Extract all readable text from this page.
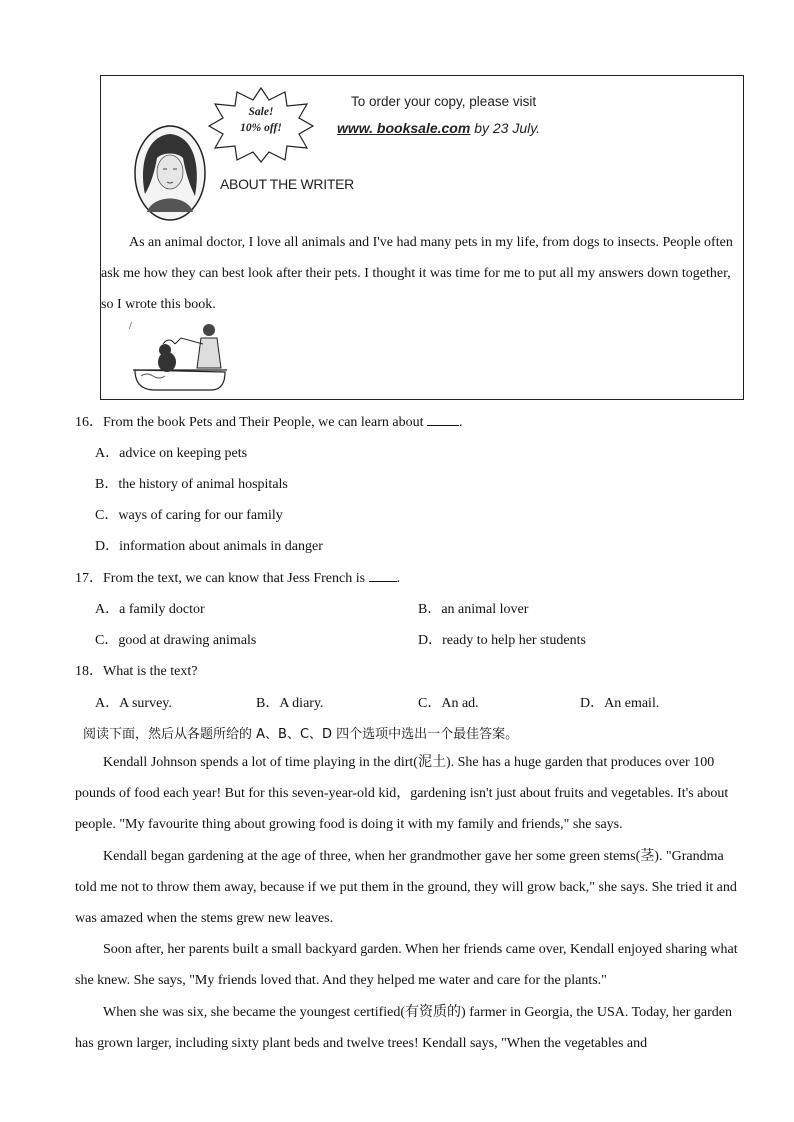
Sale!
10% off!
To order your copy, please visit
www. booksale.com by 23 July.
ABOUT THE WRITER
As an animal doctor, I love all animals and I've had many pets in my life, from dogs to insects. People often ask me how they can best look after their pets. I thought it was time for me to put all my answers down together, so I wrote this book.
/
16．From the book Pets and Their People, we can learn about	.
A．advice on keeping pets
B．the history of animal hospitals
C．ways of caring for our family
D．information about animals in danger
17．From the text, we can know that Jess French is .
A．a family doctor	B．an animal lover
C．good at drawing animals	D．ready to help her students
18．What is the text?
A．A survey.	B．A diary.	C．An ad.	D．An email.
阅读下面，然后从各题所给的 A、B、C、D 四个选项中选出一个最佳答案。
Kendall Johnson spends a lot of time playing in the dirt(泥土). She has a huge garden that produces over 100 pounds of food each year! But for this seven-year-old kid，gardening isn't just about fruits and vegetables. It's about people. "My favourite thing about growing food is doing it with my family and friends," she says.
Kendall began gardening at the age of three, when her grandmother gave her some green stems(茎). "Grandma told me not to throw them away, because if we put them in the ground, they will grow back," she says. She tried it and was amazed when the stems grew new leaves.
Soon after, her parents built a small backyard garden. When her friends came over, Kendall enjoyed sharing what she knew. She says, "My friends loved that. And they helped me water and care for the plants."
When she was six, she became the youngest certified(有资质的) farmer in Georgia, the USA. Today, her garden has grown larger, including sixty plant beds and twelve trees! Kendall says, "When the vegetables and
